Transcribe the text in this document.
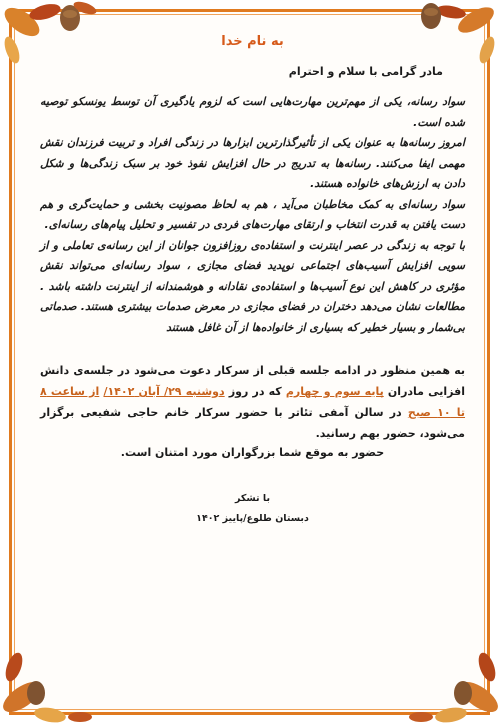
به نام خدا
مادر گرامی با سلام و احترام

سواد رسانه، یکی از مهم‌ترین مهارت‌هایی است که لزوم یادگیری آن توسط یونسکو توصیه شده است.

امروز رسانه‌ها به عنوان یکی از تأثیرگذارترین ابزارها در زندگی افراد و تربیت فرزندان نقش مهمی ایفا می‌کنند. رسانه‌ها به تدریج در حال افزایش نفوذ خود بر سبک زندگی‌ها و شکل دادن به ارزش‌های خانواده هستند.

سواد رسانه‌ای به کمک مخاطبان می‌آید ، هم به لحاظ مصونیت بخشی و حمایت‌گری و هم دست یافتن به قدرت انتخاب و ارتقای مهارت‌های فردی در تفسیر و تحلیل پیام‌های رسانه‌ای.

با توجه به زندگی در عصر اینترنت و استفاده‌ی روزافزون جوانان از این رسانه‌ی تعاملی و از سویی افزایش آسیب‌های اجتماعی نوپدید فضای مجازی ، سواد رسانه‌ای می‌تواند نقش مؤثری در کاهش این نوع آسیب‌ها و استفاده‌ی نقادانه و هوشمندانه از اینترنت داشته باشد . مطالعات نشان می‌دهد دختران در فضای مجازی در معرض صدمات بیشتری هستند. صدماتی بی‌شمار و بسیار خطیر که بسیاری از خانواده‌ها از آن غافل هستند

به همین منظور در ادامه جلسه قبلی از سرکار دعوت می‌شود در جلسه‌ی دانش افزایی مادران پایه سوم و چهارم که در روز دوشنبه ۲۹/ آبان ۱۴۰۲/ از ساعت ۸ تا ۱۰ صبح در سالن آمفی تئاتر با حضور سرکار خانم حاجی شفیعی برگزار می‌شود، حضور بهم رسانید.
حضور به موقع شما بزرگواران مورد امتنان است.
با تشکر
دبستان طلوع/پاییز ۱۴۰۲
